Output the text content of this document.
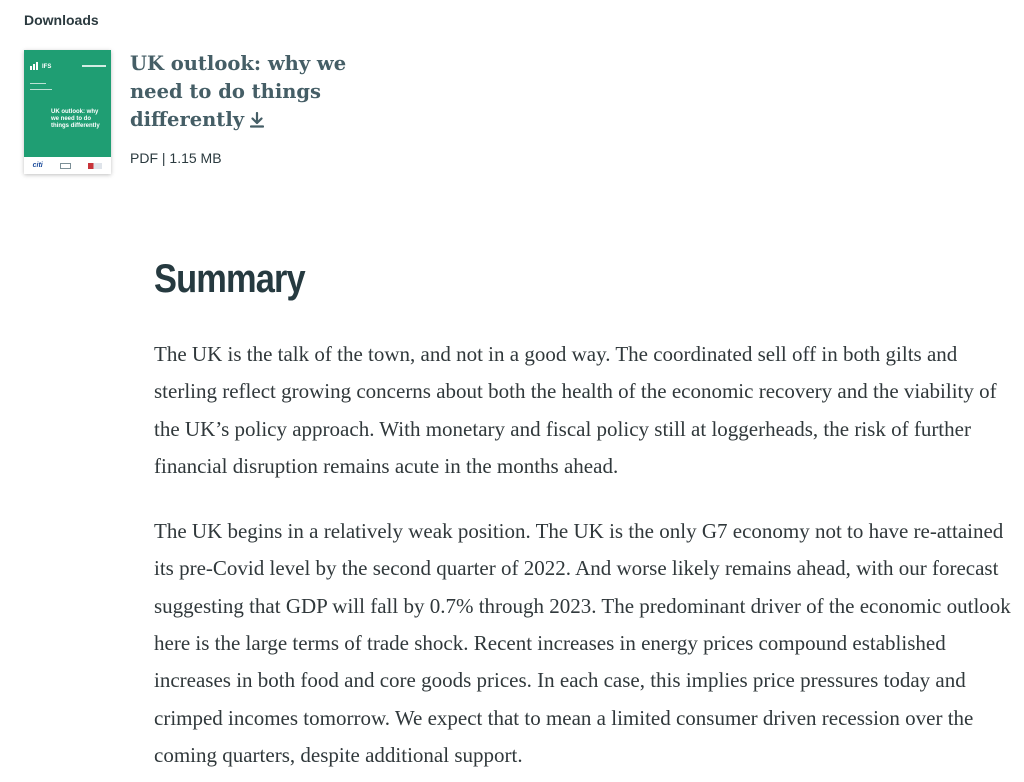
Downloads
IFS
UK outlook: why we need to do things differently
citi
UK outlook: why we need to do things differently
PDF | 1.15 MB
Summary

The UK is the talk of the town, and not in a good way. The coordinated sell off in both gilts and sterling reflect growing concerns about both the health of the economic recovery and the viability of the UK’s policy approach. With monetary and fiscal policy still at loggerheads, the risk of further financial disruption remains acute in the months ahead.

The UK begins in a relatively weak position. The UK is the only G7 economy not to have re-attained its pre-Covid level by the second quarter of 2022. And worse likely remains ahead, with our forecast suggesting that GDP will fall by 0.7% through 2023. The predominant driver of the economic outlook here is the large terms of trade shock. Recent increases in energy prices compound established increases in both food and core goods prices. In each case, this implies price pressures today and crimped incomes tomorrow. We expect that to mean a limited consumer driven recession over the coming quarters, despite additional support.
